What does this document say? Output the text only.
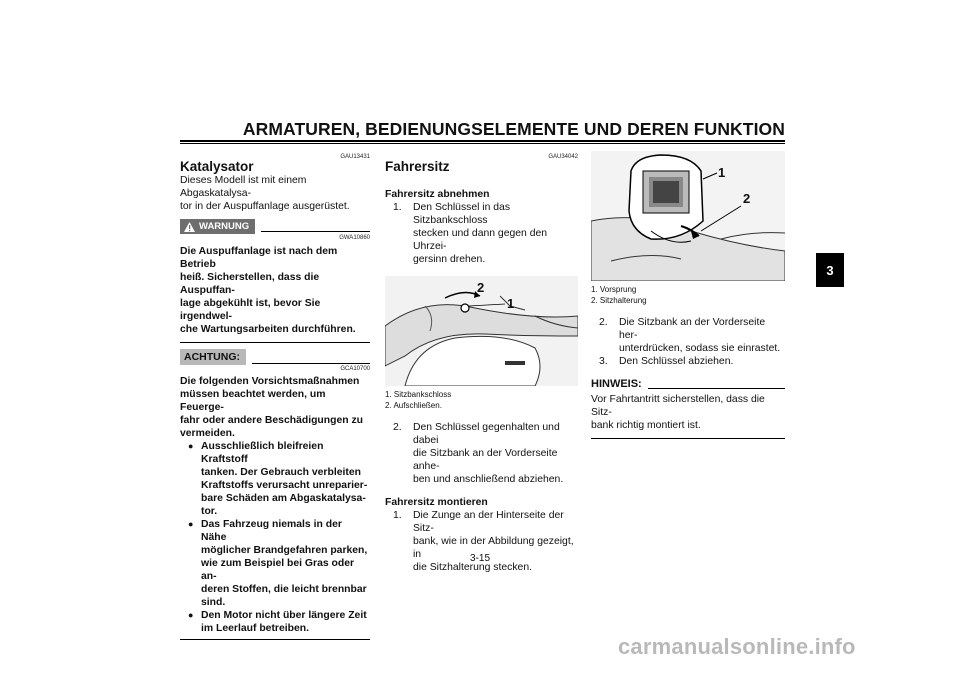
ARMATUREN, BEDIENUNGSELEMENTE UND DEREN FUNKTION
3
GAU13431
Katalysator
Dieses Modell ist mit einem Abgaskatalysa-
tor in der Auspuffanlage ausgerüstet.
WARNUNG
GWA10860
Die Auspuffanlage ist nach dem Betrieb
heiß. Sicherstellen, dass die Auspuffan-
lage abgekühlt ist, bevor Sie irgendwel-
che Wartungsarbeiten durchführen.
ACHTUNG:
GCA10700
Die folgenden Vorsichtsmaßnahmen
müssen beachtet werden, um Feuerge-
fahr oder andere Beschädigungen zu
vermeiden.
● Ausschließlich bleifreien Kraftstoff
tanken. Der Gebrauch verbleiten
Kraftstoffs verursacht unreparier-
bare Schäden am Abgaskatalysa-
tor.
● Das Fahrzeug niemals in der Nähe
möglicher Brandgefahren parken,
wie zum Beispiel bei Gras oder an-
deren Stoffen, die leicht brennbar
sind.
● Den Motor nicht über längere Zeit
im Leerlauf betreiben.
GAU34042
Fahrersitz
Fahrersitz abnehmen
1.	Den Schlüssel in das Sitzbankschloss
stecken und dann gegen den Uhrzei-
gersinn drehen.
2
1
1. Sitzbankschloss
2. Aufschließen.
2.	Den Schlüssel gegenhalten und dabei
die Sitzbank an der Vorderseite anhe-
ben und anschließend abziehen.
Fahrersitz montieren
1.	Die Zunge an der Hinterseite der Sitz-
bank, wie in der Abbildung gezeigt, in
die Sitzhalterung stecken.
1
2
1. Vorsprung
2. Sitzhalterung
2.	Die Sitzbank an der Vorderseite her-
unterdrücken, sodass sie einrastet.
3.	Den Schlüssel abziehen.
HINWEIS:
Vor Fahrtantritt sicherstellen, dass die Sitz-
bank richtig montiert ist.
3-15
carmanualsonline.info
